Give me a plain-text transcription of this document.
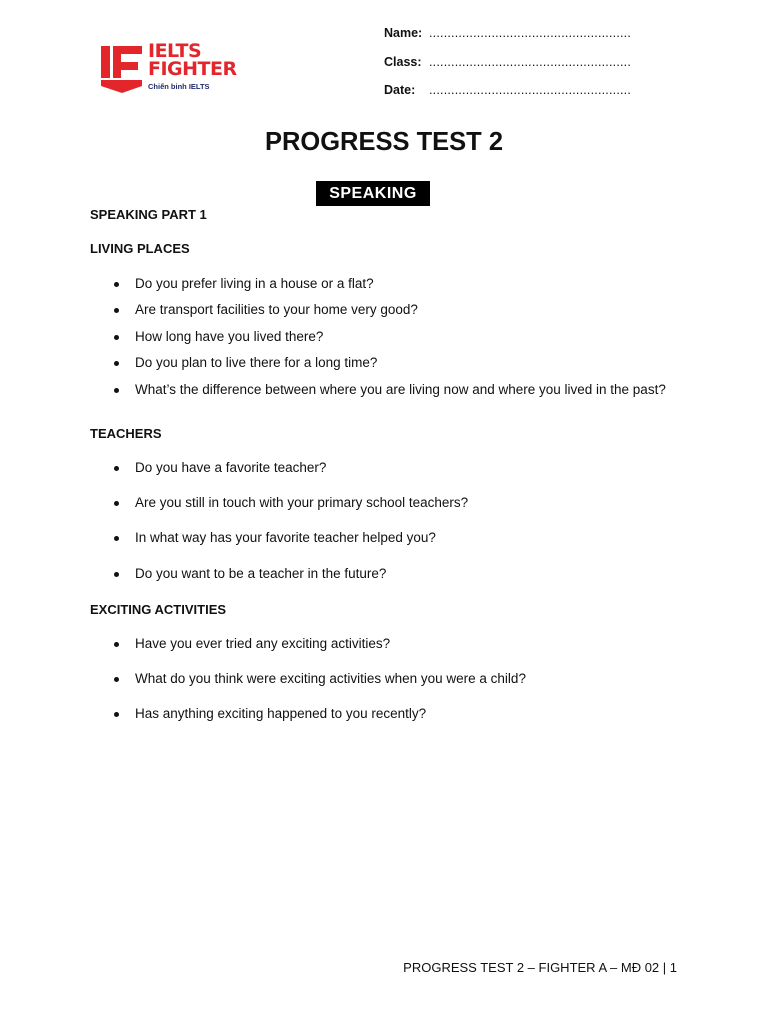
IELTS
FIGHTER
Chiến binh IELTS
Name: .......................................................
Class: .......................................................
Date: .......................................................
PROGRESS TEST 2
SPEAKING
SPEAKING PART 1
LIVING PLACES
Do you prefer living in a house or a flat?
Are transport facilities to your home very good?
How long have you lived there?
Do you plan to live there for a long time?
What’s the difference between where you are living now and where you lived in the past?
TEACHERS
Do you have a favorite teacher?
Are you still in touch with your primary school teachers?
In what way has your favorite teacher helped you?
Do you want to be a teacher in the future?
EXCITING ACTIVITIES
Have you ever tried any exciting activities?
What do you think were exciting activities when you were a child?
Has anything exciting happened to you recently?
PROGRESS TEST 2 – FIGHTER A – MĐ 02 | 1
